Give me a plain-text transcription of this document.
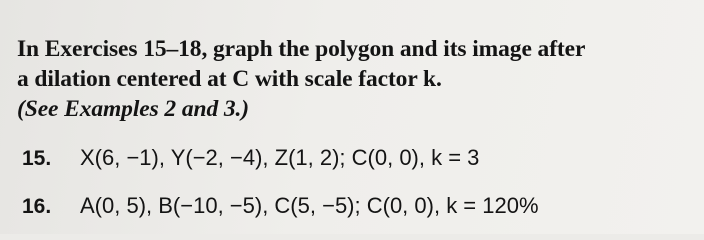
In Exercises 15–18, graph the polygon and its image after

a dilation centered at C with scale factor k.

(See Examples 2 and 3.)

15. X(6, −1), Y(−2, −4), Z(1, 2); C(0, 0), k = 3
16. A(0, 5), B(−10, −5), C(5, −5); C(0, 0), k = 120%
